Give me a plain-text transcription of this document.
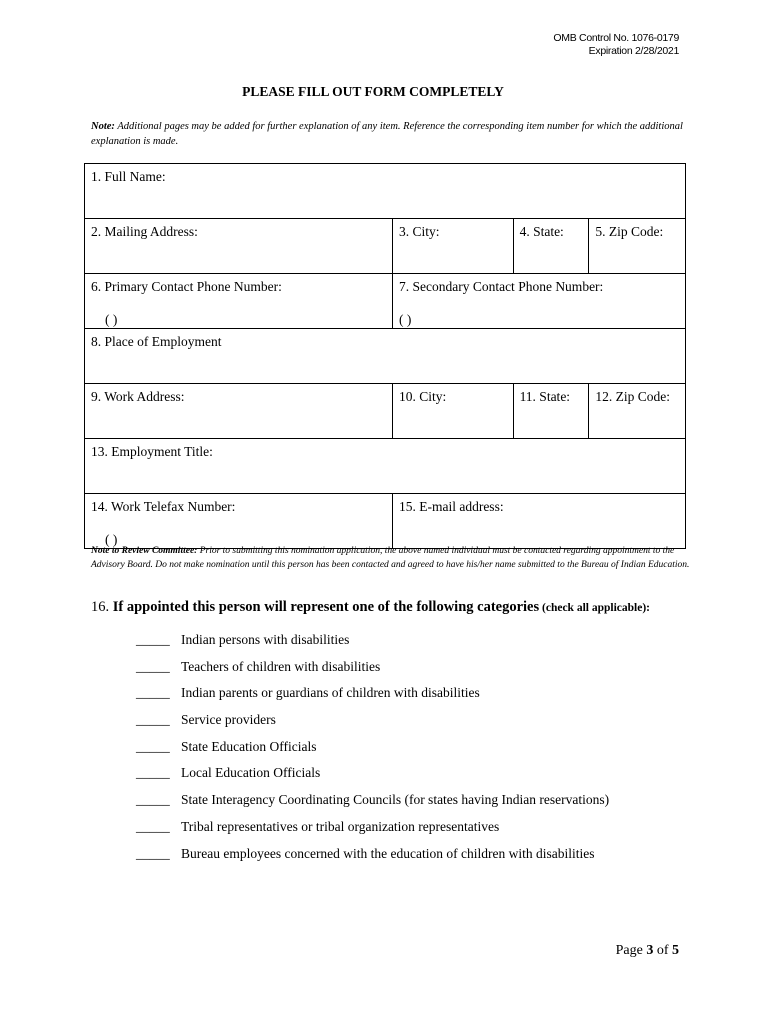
OMB Control No. 1076-0179
Expiration 2/28/2021
PLEASE FILL OUT FORM COMPLETELY
Note: Additional pages may be added for further explanation of any item. Reference the corresponding item number for which the additional explanation is made.
1. Full Name:
2. Mailing Address:	3. City:	4. State:	5. Zip Code:
6. Primary Contact Phone Number:
( )
7. Secondary Contact Phone Number:
( )
8. Place of Employment
9. Work Address:	10. City:	11. State:	12. Zip Code:
13. Employment Title:
14. Work Telefax Number:
( )
15. E-mail address:
Note to Review Committee: Prior to submitting this nomination application, the above named individual must be contacted regarding appointment to the Advisory Board. Do not make nomination until this person has been contacted and agreed to have his/her name submitted to the Bureau of Indian Education.
16. If appointed this person will represent one of the following categories (check all applicable):
_____ Indian persons with disabilities
_____ Teachers of children with disabilities
_____ Indian parents or guardians of children with disabilities
_____ Service providers
_____ State Education Officials
_____ Local Education Officials
_____ State Interagency Coordinating Councils (for states having Indian reservations)
_____ Tribal representatives or tribal organization representatives
_____ Bureau employees concerned with the education of children with disabilities
Page 3 of 5
